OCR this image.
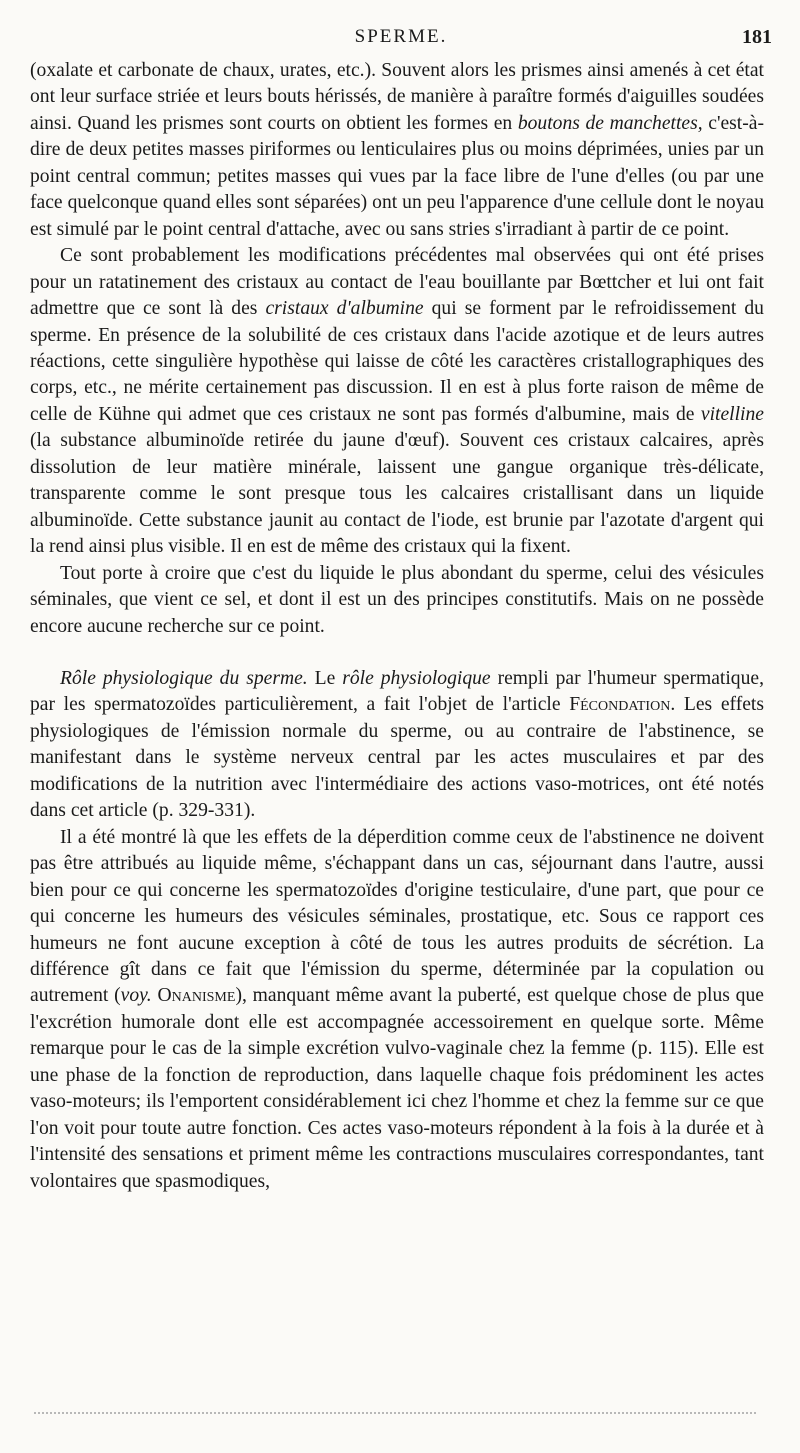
SPERME.	181

(oxalate et carbonate de chaux, urates, etc.). Souvent alors les prismes ainsi amenés à cet état ont leur surface striée et leurs bouts hérissés, de manière à paraître formés d'aiguilles soudées ainsi. Quand les prismes sont courts on obtient les formes en boutons de manchettes, c'est-à-dire de deux petites masses piriformes ou lenticulaires plus ou moins déprimées, unies par un point central commun; petites masses qui vues par la face libre de l'une d'elles (ou par une face quelconque quand elles sont séparées) ont un peu l'apparence d'une cellule dont le noyau est simulé par le point central d'attache, avec ou sans stries s'irradiant à partir de ce point.

Ce sont probablement les modifications précédentes mal observées qui ont été prises pour un ratatinement des cristaux au contact de l'eau bouillante par Bœttcher et lui ont fait admettre que ce sont là des cristaux d'albumine qui se forment par le refroidissement du sperme. En présence de la solubilité de ces cristaux dans l'acide azotique et de leurs autres réactions, cette singulière hypothèse qui laisse de côté les caractères cristallographiques des corps, etc., ne mérite certainement pas discussion. Il en est à plus forte raison de même de celle de Kühne qui admet que ces cristaux ne sont pas formés d'albumine, mais de vitelline (la substance albuminoïde retirée du jaune d'œuf). Souvent ces cristaux calcaires, après dissolution de leur matière minérale, laissent une gangue organique très-délicate, transparente comme le sont presque tous les calcaires cristallisant dans un liquide albuminoïde. Cette substance jaunit au contact de l'iode, est brunie par l'azotate d'argent qui la rend ainsi plus visible. Il en est de même des cristaux qui la fixent.

Tout porte à croire que c'est du liquide le plus abondant du sperme, celui des vésicules séminales, que vient ce sel, et dont il est un des principes constitutifs. Mais on ne possède encore aucune recherche sur ce point.

Rôle physiologique du sperme. Le rôle physiologique rempli par l'humeur spermatique, par les spermatozoïdes particulièrement, a fait l'objet de l'article Fécondation. Les effets physiologiques de l'émission normale du sperme, ou au contraire de l'abstinence, se manifestant dans le système nerveux central par les actes musculaires et par des modifications de la nutrition avec l'intermédiaire des actions vaso-motrices, ont été notés dans cet article (p. 329-331).

Il a été montré là que les effets de la déperdition comme ceux de l'abstinence ne doivent pas être attribués au liquide même, s'échappant dans un cas, séjournant dans l'autre, aussi bien pour ce qui concerne les spermatozoïdes d'origine testiculaire, d'une part, que pour ce qui concerne les humeurs des vésicules séminales, prostatique, etc. Sous ce rapport ces humeurs ne font aucune exception à côté de tous les autres produits de sécrétion. La différence gît dans ce fait que l'émission du sperme, déterminée par la copulation ou autrement (voy. Onanisme), manquant même avant la puberté, est quelque chose de plus que l'excrétion humorale dont elle est accompagnée accessoirement en quelque sorte. Même remarque pour le cas de la simple excrétion vulvo-vaginale chez la femme (p. 115). Elle est une phase de la fonction de reproduction, dans laquelle chaque fois prédominent les actes vaso-moteurs; ils l'emportent considérablement ici chez l'homme et chez la femme sur ce que l'on voit pour toute autre fonction. Ces actes vaso-moteurs répondent à la fois à la durée et à l'intensité des sensations et priment même les contractions musculaires correspondantes, tant volontaires que spasmodiques,
